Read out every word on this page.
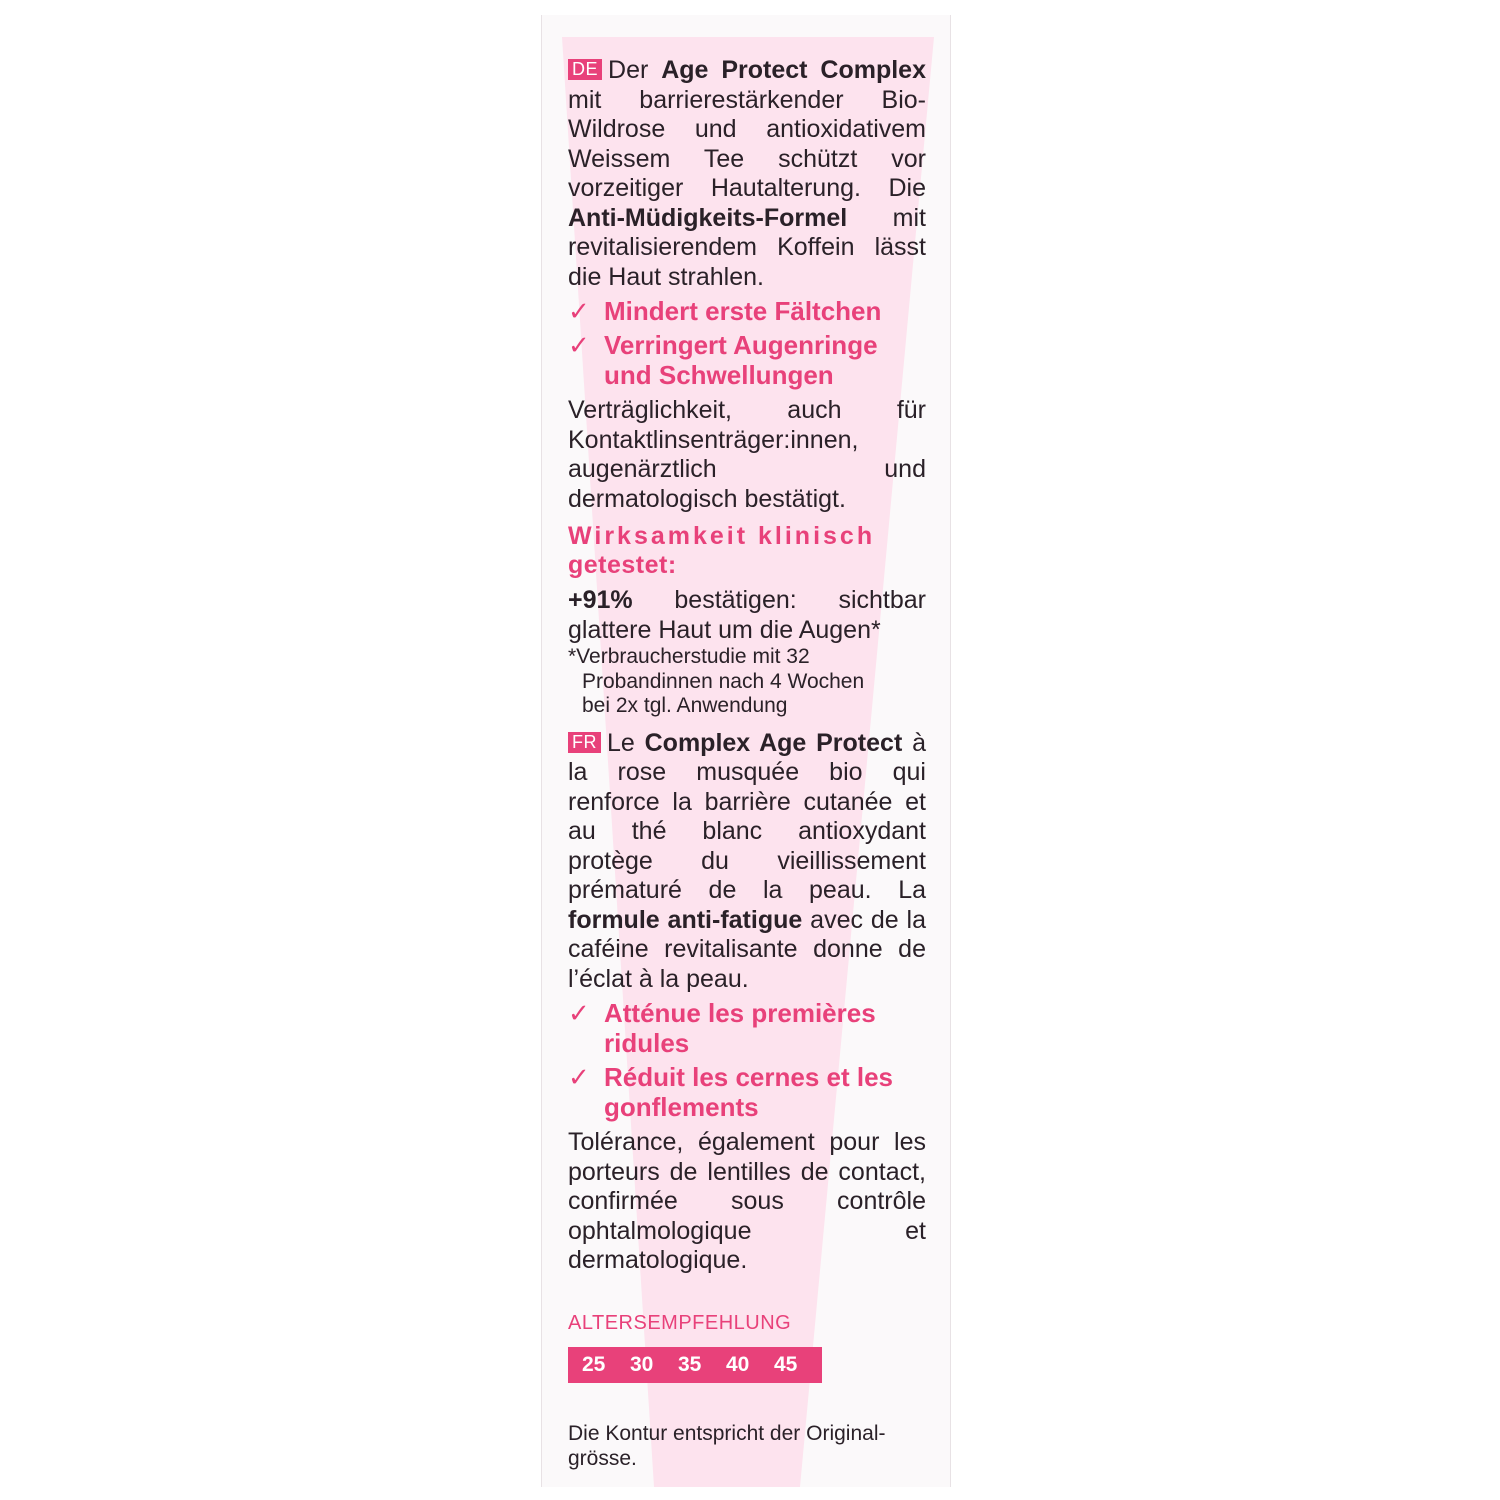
DE Der Age Protect Complex mit barrierestärkender Bio-Wildrose und antioxidativem Weissem Tee schützt vor vorzeitiger Hautalterung. Die Anti-Müdigkeits-Formel mit revitalisierendem Koffein lässt die Haut strahlen.

✓ Mindert erste Fältchen
✓ Verringert Augenringe und Schwellungen

Verträglichkeit, auch für Kontaktlinsenträger:innen, augenärztlich und dermatologisch bestätigt.

Wirksamkeit klinisch
getestet:

+91% bestätigen: sichtbar glattere Haut um die Augen*

*Verbraucherstudie mit 32

Probandinnen nach 4 Wochen

bei 2x tgl. Anwendung

FR Le Complex Age Protect à la rose musquée bio qui renforce la barrière cutanée et au thé blanc antioxydant protège du vieillissement prématuré de la peau. La formule anti-fatigue avec de la caféine revitalisante donne de l’éclat à la peau.

✓ Atténue les premières ridules
✓ Réduit les cernes et les gonflements

Tolérance, également pour les porteurs de lentilles de contact, confirmée sous contrôle ophtalmologique et dermatologique.

ALTERSEMPFEHLUNG
25	30	35	40	45
Die Kontur entspricht der Original-grösse.
